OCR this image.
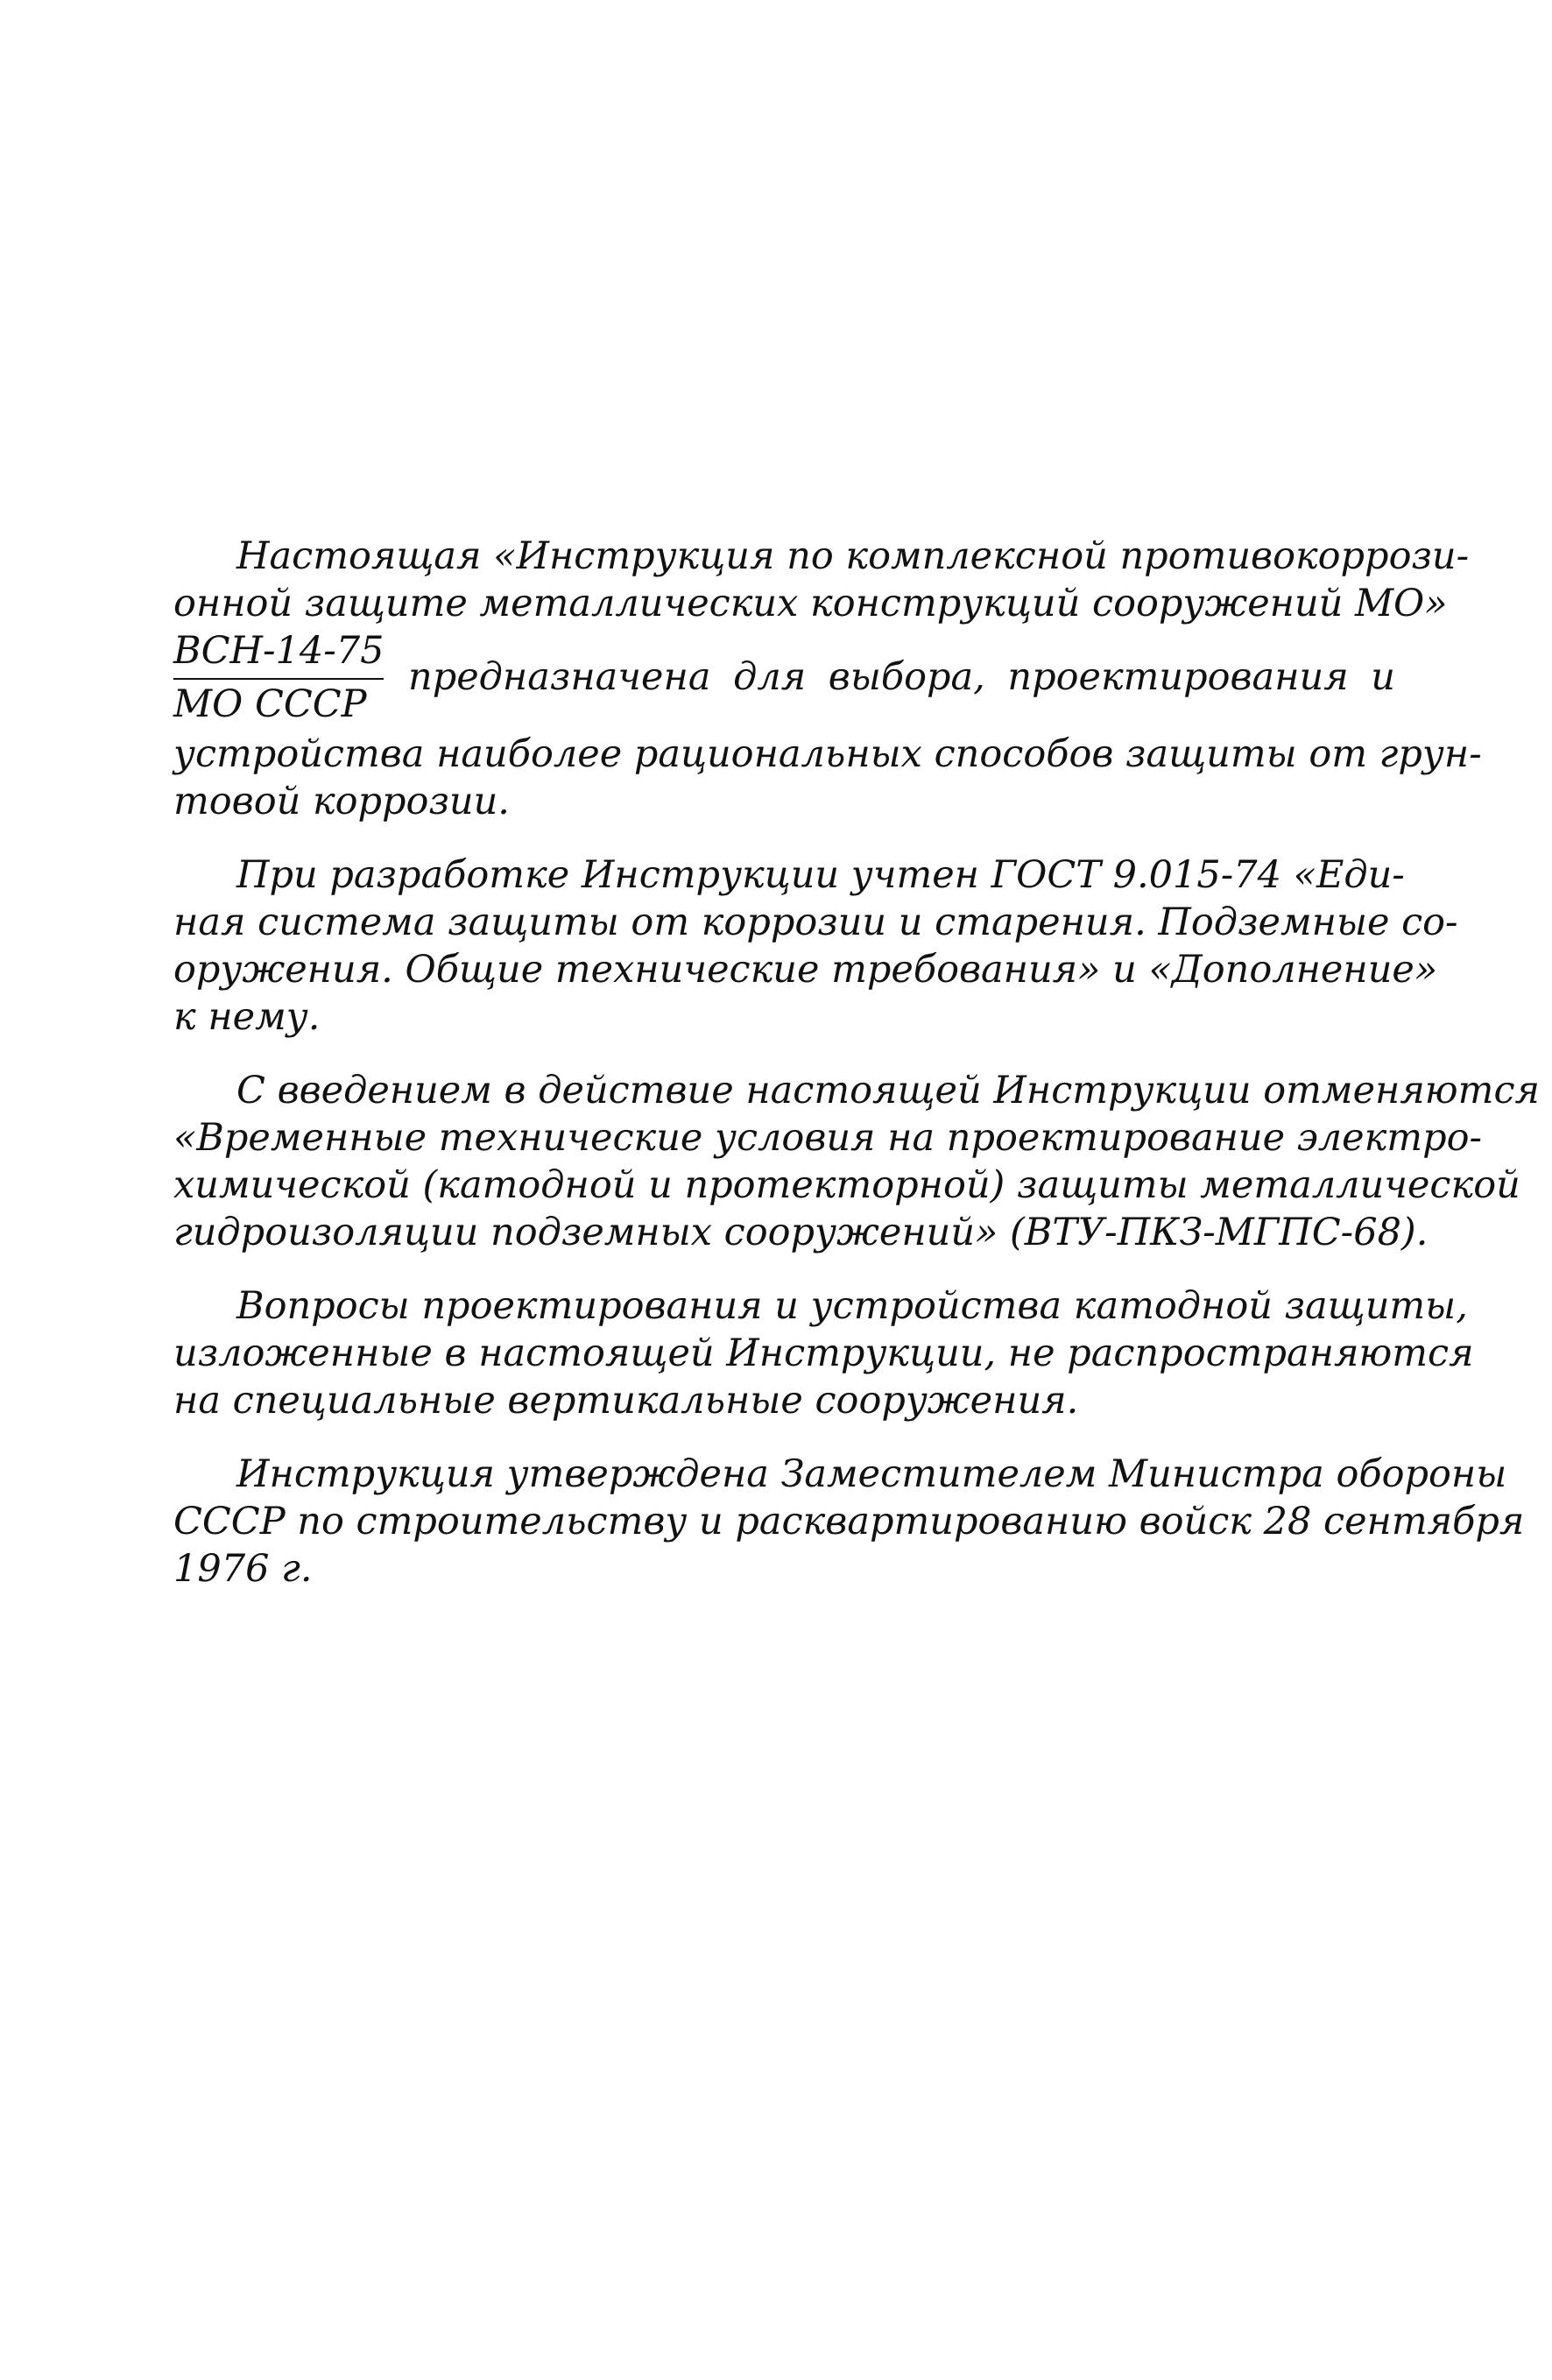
Настоящая «Инструкция по комплексной противокоррози-
онной защите металлических конструкций сооружений МО»
ВСН-14-75
МО СССР
предназначена для выбора, проектирования и
устройства наиболее рациональных способов защиты от грун-
товой коррозии.
При разработке Инструкции учтен ГОСТ 9.015-74 «Еди-
ная система защиты от коррозии и старения. Подземные со-
оружения. Общие технические требования» и «Дополнение»
к нему.
С введением в действие настоящей Инструкции отменяются
«Временные технические условия на проектирование электро-
химической (катодной и протекторной) защиты металлической
гидроизоляции подземных сооружений» (ВТУ-ПКЗ-МГПС-68).
Вопросы проектирования и устройства катодной защиты,
изложенные в настоящей Инструкции, не распространяются
на специальные вертикальные сооружения.
Инструкция утверждена Заместителем Министра обороны
СССР по строительству и расквартированию войск 28 сентября
1976 г.
